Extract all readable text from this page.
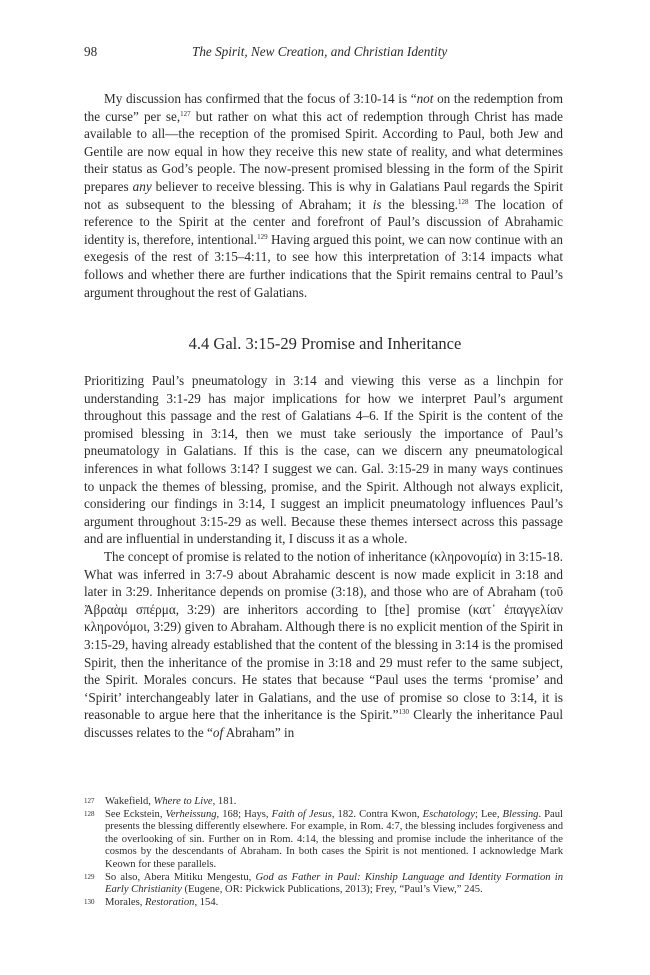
98	The Spirit, New Creation, and Christian Identity

My discussion has confirmed that the focus of 3:10-14 is “not on the redemption from the curse” per se,$^{127}$ but rather on what this act of redemption through Christ has made available to all—the reception of the promised Spirit. According to Paul, both Jew and Gentile are now equal in how they receive this new state of reality, and what determines their status as God’s people. The now-present promised blessing in the form of the Spirit prepares any believer to receive blessing. This is why in Galatians Paul regards the Spirit not as subsequent to the blessing of Abraham; it is the blessing.$^{128}$ The location of reference to the Spirit at the center and forefront of Paul’s discussion of Abrahamic identity is, therefore, intentional.$^{129}$ Having argued this point, we can now continue with an exegesis of the rest of 3:15–4:11, to see how this interpretation of 3:14 impacts what follows and whether there are further indications that the Spirit remains central to Paul’s argument throughout the rest of Galatians.

4.4 Gal. 3:15-29 Promise and Inheritance

Prioritizing Paul’s pneumatology in 3:14 and viewing this verse as a linchpin for understanding 3:1-29 has major implications for how we interpret Paul’s argument throughout this passage and the rest of Galatians 4–6. If the Spirit is the content of the promised blessing in 3:14, then we must take seriously the importance of Paul’s pneumatology in Galatians. If this is the case, can we discern any pneumatological inferences in what follows 3:14? I suggest we can. Gal. 3:15-29 in many ways continues to unpack the themes of blessing, promise, and the Spirit. Although not always explicit, considering our findings in 3:14, I suggest an implicit pneumatology influences Paul’s argument throughout 3:15-29 as well. Because these themes intersect across this passage and are influential in understanding it, I discuss it as a whole.

The concept of promise is related to the notion of inheritance (κληρονομία) in 3:15-18. What was inferred in 3:7-9 about Abrahamic descent is now made explicit in 3:18 and later in 3:29. Inheritance depends on promise (3:18), and those who are of Abraham (τοῦ Ἀβραὰμ σπέρμα, 3:29) are inheritors according to [the] promise (κατ᾽ ἐπαγγελίαν κληρονόμοι, 3:29) given to Abraham. Although there is no explicit mention of the Spirit in 3:15-29, having already established that the content of the blessing in 3:14 is the promised Spirit, then the inheritance of the promise in 3:18 and 29 must refer to the same subject, the Spirit. Morales concurs. He states that because “Paul uses the terms ‘promise’ and ‘Spirit’ interchangeably later in Galatians, and the use of promise so close to 3:14, it is reasonable to argue here that the inheritance is the Spirit.”$^{130}$ Clearly the inheritance Paul discusses relates to the “of Abraham” in

127 Wakefield, Where to Live, 181.

128 See Eckstein, Verheissung, 168; Hays, Faith of Jesus, 182. Contra Kwon, Eschatology; Lee, Blessing. Paul presents the blessing differently elsewhere. For example, in Rom. 4:7, the blessing includes forgiveness and the overlooking of sin. Further on in Rom. 4:14, the blessing and promise include the inheritance of the cosmos by the descendants of Abraham. In both cases the Spirit is not mentioned. I acknowledge Mark Keown for these parallels.

129 So also, Abera Mitiku Mengestu, God as Father in Paul: Kinship Language and Identity Formation in Early Christianity (Eugene, OR: Pickwick Publications, 2013); Frey, “Paul’s View,” 245.

130 Morales, Restoration, 154.
